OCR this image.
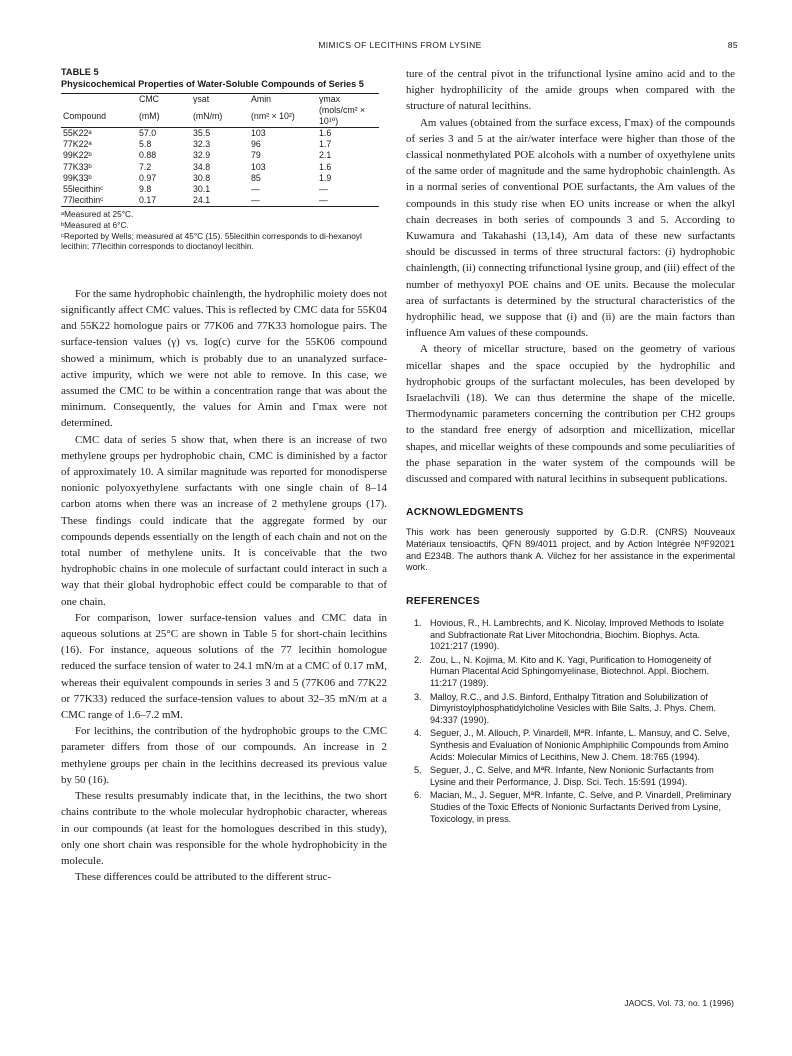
MIMICS OF LECITHINS FROM LYSINE	85
TABLE 5
Physicochemical Properties of Water-Soluble Compounds of Series 5
	CMC	γsat	Amin	γmax
Compound	(mM)	(mN/m)	(nm² × 10²)	(mols/cm² × 10¹⁰)
55K22ᵃ	57.0	35.5	103	1.6
77K22ᵃ	5.8	32.3	96	1.7
99K22ᵇ	0.88	32.9	79	2.1
77K33ᵇ	7.2	34.8	103	1.6
99K33ᵇ	0.97	30.8	85	1.9
55lecithinᶜ	9.8	30.1	—	—
77lecithinᶜ	0.17	24.1	—	—
ᵃMeasured at 25°C.
ᵇMeasured at 6°C.
ᶜReported by Wells; measured at 45°C (15). 55lecithin corresponds to di-hexanoyl lecithin; 77lecithin corresponds to dioctanoyl lecithin.

For the same hydrophobic chainlength, the hydrophilic moiety does not significantly affect CMC values. This is reflected by CMC data for 55K04 and 55K22 homologue pairs or 77K06 and 77K33 homologue pairs. The surface-tension values (γ) vs. log(c) curve for the 55K06 compound showed a minimum, which is probably due to an unanalyzed surface-active impurity, which we were not able to remove. In this case, we assumed the CMC to be within a concentration range that was about the minimum. Consequently, the values for Amin and Γmax were not determined.

CMC data of series 5 show that, when there is an increase of two methylene groups per hydrophobic chain, CMC is diminished by a factor of approximately 10. A similar magnitude was reported for monodisperse nonionic polyoxyethylene surfactants with one single chain of 8–14 carbon atoms when there was an increase of 2 methylene groups (17). These findings could indicate that the aggregate formed by our compounds depends essentially on the length of each chain and not on the total number of methylene units. It is conceivable that the two hydrophobic chains in one molecule of surfactant could interact in such a way that their global hydrophobic effect could be comparable to that of one chain.

For comparison, lower surface-tension values and CMC data in aqueous solutions at 25°C are shown in Table 5 for short-chain lecithins (16). For instance, aqueous solutions of the 77 lecithin homologue reduced the surface tension of water to 24.1 mN/m at a CMC of 0.17 mM, whereas their equivalent compounds in series 3 and 5 (77K06 and 77K22 or 77K33) reduced the surface-tension values to about 32–35 mN/m at a CMC range of 1.6–7.2 mM.

For lecithins, the contribution of the hydrophobic groups to the CMC parameter differs from those of our compounds. An increase in 2 methylene groups per chain in the lecithins decreased its previous value by 50 (16).

These results presumably indicate that, in the lecithins, the two short chains contribute to the whole molecular hydrophobic character, whereas in our compounds (at least for the homologues described in this study), only one short chain was responsible for the whole hydrophobicity in the molecule.

These differences could be attributed to the different struc-

ture of the central pivot in the trifunctional lysine amino acid and to the higher hydrophilicity of the amide groups when compared with the structure of natural lecithins.

Am values (obtained from the surface excess, Γmax) of the compounds of series 3 and 5 at the air/water interface were higher than those of the classical nonmethylated POE alcohols with a number of oxyethylene units of the same order of magnitude and the same hydrophobic chainlength. As in a normal series of conventional POE surfactants, the Am values of the compounds in this study rise when EO units increase or when the alkyl chain decreases in both series of compounds 3 and 5. According to Kuwamura and Takahashi (13,14), Am data of these new surfactants should be discussed in terms of three structural factors: (i) hydrophobic chainlength, (ii) connecting trifunctional lysine group, and (iii) effect of the number of methyoxyl POE chains and OE units. Because the molecular area of surfactants is determined by the structural characteristics of the hydrophilic head, we suppose that (i) and (ii) are the main factors than influence Am values of these compounds.

A theory of micellar structure, based on the geometry of various micellar shapes and the space occupied by the hydrophilic and hydrophobic groups of the surfactant molecules, has been developed by Israelachvili (18). We can thus determine the shape of the micelle. Thermodynamic parameters concerning the contribution per CH2 groups to the standard free energy of adsorption and micellization, micellar shapes, and micellar weights of these compounds and some peculiarities of the phase separation in the water system of the compounds will be discussed and compared with natural lecithins in subsequent publications.

ACKNOWLEDGMENTS
This work has been generously supported by G.D.R. (CNRS) Nouveaux Matériaux tensioactifs, QFN 89/4011 project, and by Action Intégrée NºF92021 and E234B. The authors thank A. Vilchez for her assistance in the experimental work.
REFERENCES
1. Hovious, R., H. Lambrechts, and K. Nicolay, Improved Methods to Isolate and Subfractionate Rat Liver Mitochondria, Biochim. Biophys. Acta. 1021:217 (1990).
2. Zou, L., N. Kojima, M. Kito and K. Yagi, Purification to Homogeneity of Human Placental Acid Sphingomyelinase, Biotechnol. Appl. Biochem. 11:217 (1989).
3. Malloy, R.C., and J.S. Binford, Enthalpy Titration and Solubilization of Dimyristoylphosphatidylcholine Vesicles with Bile Salts, J. Phys. Chem. 94:337 (1990).
4. Seguer, J., M. Allouch, P. Vinardell, MªR. Infante, L. Mansuy, and C. Selve, Synthesis and Evaluation of Nonionic Amphiphilic Compounds from Amino Acids: Molecular Mimics of Lecithins, New J. Chem. 18:765 (1994).
5. Seguer, J., C. Selve, and MªR. Infante, New Nonionic Surfactants from Lysine and their Performance, J. Disp. Sci. Tech. 15:591 (1994).
6. Macian, M., J. Seguer, MªR. Infante, C. Selve, and P. Vinardell, Preliminary Studies of the Toxic Effects of Nonionic Surfactants Derived from Lysine, Toxicology, in press.
JAOCS, Vol. 73, no. 1 (1996)
